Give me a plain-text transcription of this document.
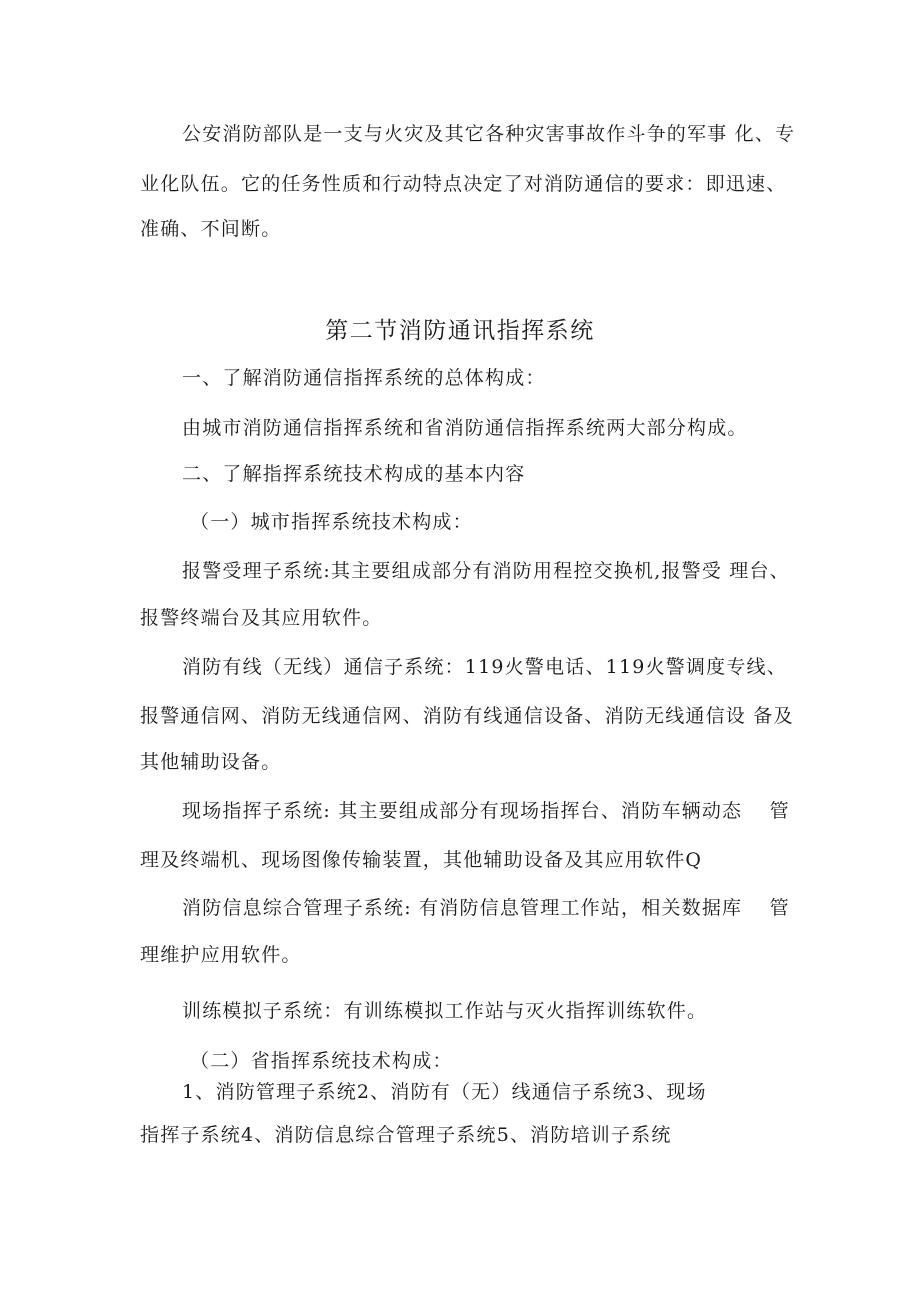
公安消防部队是一支与火灾及其它各种灾害事故作斗争的军事 化、专
业化队伍。它的任务性质和行动特点决定了对消防通信的要求：即迅速、
准确、不间断。
第二节消防通讯指挥系统
一、了解消防通信指挥系统的总体构成：
由城市消防通信指挥系统和省消防通信指挥系统两大部分构成。
二、了解指挥系统技术构成的基本内容
（一）城市指挥系统技术构成：
报警受理子系统:其主要组成部分有消防用程控交换机,报警受 理台、
报警终端台及其应用软件。
消防有线（无线）通信子系统：119火警电话、119火警调度专线、
报警通信网、消防无线通信网、消防有线通信设备、消防无线通信设 备及
其他辅助设备。
现场指挥子系统: 其主要组成部分有现场指挥台、消防车辆动态 　管
理及终端机、现场图像传输装置，其他辅助设备及其应用软件Q
消防信息综合管理子系统: 有消防信息管理工作站，相关数据库 　管
理维护应用软件。
训练模拟子系统：有训练模拟工作站与灭火指挥训练软件。
（二）省指挥系统技术构成：
1、消防管理子系统2、消防有（无）线通信子系统3、现场
指挥子系统4、消防信息综合管理子系统5、消防培训子系统
